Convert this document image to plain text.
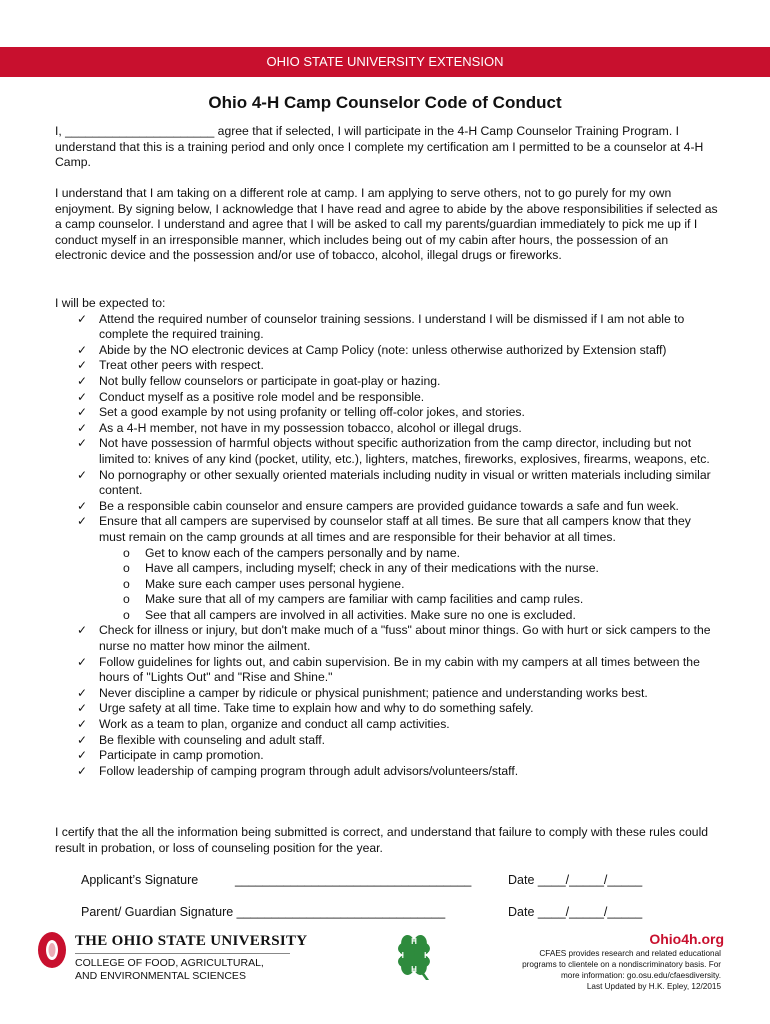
OHIO STATE UNIVERSITY EXTENSION
Ohio 4-H Camp Counselor Code of Conduct

I, ______________________ agree that if selected, I will participate in the 4-H Camp Counselor Training Program. I understand that this is a training period and only once I complete my certification am I permitted to be a counselor at 4-H Camp.

I understand that I am taking on a different role at camp. I am applying to serve others, not to go purely for my own enjoyment. By signing below, I acknowledge that I have read and agree to abide by the above responsibilities if selected as a camp counselor. I understand and agree that I will be asked to call my parents/guardian immediately to pick me up if I conduct myself in an irresponsible manner, which includes being out of my cabin after hours, the possession of an electronic device and the possession and/or use of tobacco, alcohol, illegal drugs or fireworks.

I will be expected to:

✓ Attend the required number of counselor training sessions. I understand I will be dismissed if I am not able to complete the required training.

✓ Abide by the NO electronic devices at Camp Policy (note: unless otherwise authorized by Extension staff)

✓ Treat other peers with respect.

✓ Not bully fellow counselors or participate in goat-play or hazing.

✓ Conduct myself as a positive role model and be responsible.

✓ Set a good example by not using profanity or telling off-color jokes, and stories.

✓ As a 4-H member, not have in my possession tobacco, alcohol or illegal drugs.

✓ Not have possession of harmful objects without specific authorization from the camp director, including but not limited to: knives of any kind (pocket, utility, etc.), lighters, matches, fireworks, explosives, firearms, weapons, etc.

✓ No pornography or other sexually oriented materials including nudity in visual or written materials including similar content.

✓ Be a responsible cabin counselor and ensure campers are provided guidance towards a safe and fun week.

✓ Ensure that all campers are supervised by counselor staff at all times. Be sure that all campers know that they must remain on the camp grounds at all times and are responsible for their behavior at all times.

o Get to know each of the campers personally and by name.

o Have all campers, including myself; check in any of their medications with the nurse.

o Make sure each camper uses personal hygiene.

o Make sure that all of my campers are familiar with camp facilities and camp rules.

o See that all campers are involved in all activities. Make sure no one is excluded.

✓ Check for illness or injury, but don't make much of a "fuss" about minor things. Go with hurt or sick campers to the nurse no matter how minor the ailment.

✓ Follow guidelines for lights out, and cabin supervision. Be in my cabin with my campers at all times between the hours of "Lights Out" and "Rise and Shine."

✓ Never discipline a camper by ridicule or physical punishment; patience and understanding works best.

✓ Urge safety at all time. Take time to explain how and why to do something safely.

✓ Work as a team to plan, organize and conduct all camp activities.

✓ Be flexible with counseling and adult staff.

✓ Participate in camp promotion.

✓ Follow leadership of camping program through adult advisors/volunteers/staff.

I certify that the all the information being submitted is correct, and understand that failure to comply with these rules could result in probation, or loss of counseling position for the year.

Applicant’s Signature	__________________________________	Date ____/_____/_____
Parent/ Guardian Signature ______________________________	Date ____/_____/_____
THE OHIO STATE UNIVERSITY
COLLEGE OF FOOD, AGRICULTURAL,
AND ENVIRONMENTAL SCIENCES
H
H
H	H
Ohio4h.org
CFAES provides research and related educational
programs to clientele on a nondiscriminatory basis. For
more information: go.osu.edu/cfaesdiversity.
Last Updated by H.K. Epley, 12/2015
